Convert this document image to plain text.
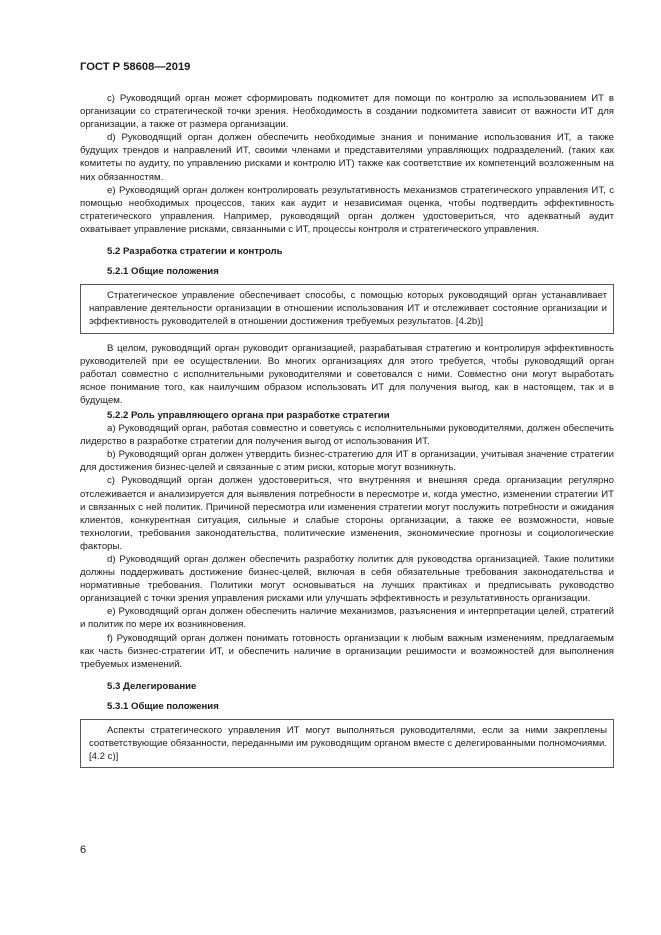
ГОСТ Р 58608—2019

c) Руководящий орган может сформировать подкомитет для помощи по контролю за использованием ИТ в организации со стратегической точки зрения. Необходимость в создании подкомитета зависит от важности ИТ для организации, а также от размера организации.

d) Руководящий орган должен обеспечить необходимые знания и понимание использования ИТ, а также будущих трендов и направлений ИТ, своими членами и представителями управляющих подразделений. (таких как комитеты по аудиту, по управлению рисками и контролю ИТ) также как соответствие их компетенций возложенным на них обязанностям.

e) Руководящий орган должен контролировать результативность механизмов стратегического управления ИТ, с помощью необходимых процессов, таких как аудит и независимая оценка, чтобы подтвердить эффективность стратегического управления. Например, руководящий орган должен удостовериться, что адекватный аудит охватывает управление рисками, связанными с ИТ, процессы контроля и стратегического управления.

5.2 Разработка стратегии и контроль
5.2.1 Общие положения

Стратегическое управление обеспечивает способы, с помощью которых руководящий орган устанавливает направление деятельности организации в отношении использования ИТ и отслеживает состояние организации и эффективность руководителей в отношении достижения требуемых результатов. [4.2b)]

В целом, руководящий орган руководит организацией, разрабатывая стратегию и контролируя эффективность руководителей при ее осуществлении. Во многих организациях для этого требуется, чтобы руководящий орган работал совместно с исполнительными руководителями и советовался с ними. Совместно они могут выработать ясное понимание того, как наилучшим образом использовать ИТ для получения выгод, как в настоящем, так и в будущем.

5.2.2 Роль управляющего органа при разработке стратегии

a) Руководящий орган, работая совместно и советуясь с исполнительными руководителями, должен обеспечить лидерство в разработке стратегии для получения выгод от использования ИТ.

b) Руководящий орган должен утвердить бизнес-стратегию для ИТ в организации, учитывая значение стратегии для достижения бизнес-целей и связанные с этим риски, которые могут возникнуть.

c) Руководящий орган должен удостовериться, что внутренняя и внешняя среда организации регулярно отслеживается и анализируется для выявления потребности в пересмотре и, когда уместно, изменении стратегии ИТ и связанных с ней политик. Причиной пересмотра или изменения стратегии могут послужить потребности и ожидания клиентов, конкурентная ситуация, сильные и слабые стороны организации, а также ее возможности, новые технологии, требования законодательства, политические изменения, экономические прогнозы и социологические факторы.

d) Руководящий орган должен обеспечить разработку политик для руководства организацией. Такие политики должны поддерживать достижение бизнес-целей, включая в себя обязательные требования законодательства и нормативные требования. Политики могут основываться на лучших практиках и предписывать руководство организацией с точки зрения управления рисками или улучшать эффективность и результативность организации.

e) Руководящий орган должен обеспечить наличие механизмов, разъяснения и интерпретации целей, стратегий и политик по мере их возникновения.

f) Руководящий орган должен понимать готовность организации к любым важным изменениям, предлагаемым как часть бизнес-стратегии ИТ, и обеспечить наличие в организации решимости и возможностей для выполнения требуемых изменений.

5.3 Делегирование
5.3.1 Общие положения

Аспекты стратегического управления ИТ могут выполняться руководителями, если за ними закреплены соответствующие обязанности, переданными им руководящим органом вместе с делегированными полномочиями. [4.2 с)]

6
